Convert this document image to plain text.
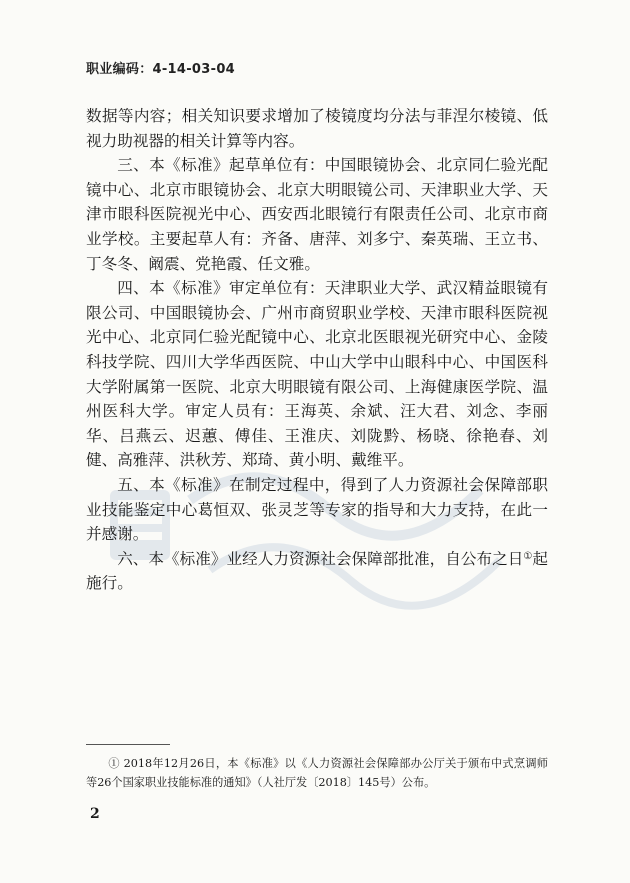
职业编码：4-14-03-04

数据等内容；相关知识要求增加了棱镜度均分法与菲涅尔棱镜、低视力助视器的相关计算等内容。

三、本《标准》起草单位有：中国眼镜协会、北京同仁验光配镜中心、北京市眼镜协会、北京大明眼镜公司、天津职业大学、天津市眼科医院视光中心、西安西北眼镜行有限责任公司、北京市商业学校。主要起草人有：齐备、唐萍、刘多宁、秦英瑞、王立书、丁冬冬、阚震、党艳霞、任文雅。

四、本《标准》审定单位有：天津职业大学、武汉精益眼镜有限公司、中国眼镜协会、广州市商贸职业学校、天津市眼科医院视光中心、北京同仁验光配镜中心、北京北医眼视光研究中心、金陵科技学院、四川大学华西医院、中山大学中山眼科中心、中国医科大学附属第一医院、北京大明眼镜有限公司、上海健康医学院、温州医科大学。审定人员有：王海英、余斌、汪大君、刘念、李丽华、吕燕云、迟蕙、傅佳、王淮庆、刘陇黔、杨晓、徐艳春、刘健、高雅萍、洪秋芳、郑琦、黄小明、戴维平。

五、本《标准》在制定过程中，得到了人力资源社会保障部职业技能鉴定中心葛恒双、张灵芝等专家的指导和大力支持，在此一并感谢。

六、本《标准》业经人力资源社会保障部批准，自公布之日①起施行。

① 2018年12月26日，本《标准》以《人力资源社会保障部办公厅关于颁布中式烹调师等26个国家职业技能标准的通知》（人社厅发〔2018〕145号）公布。
2
